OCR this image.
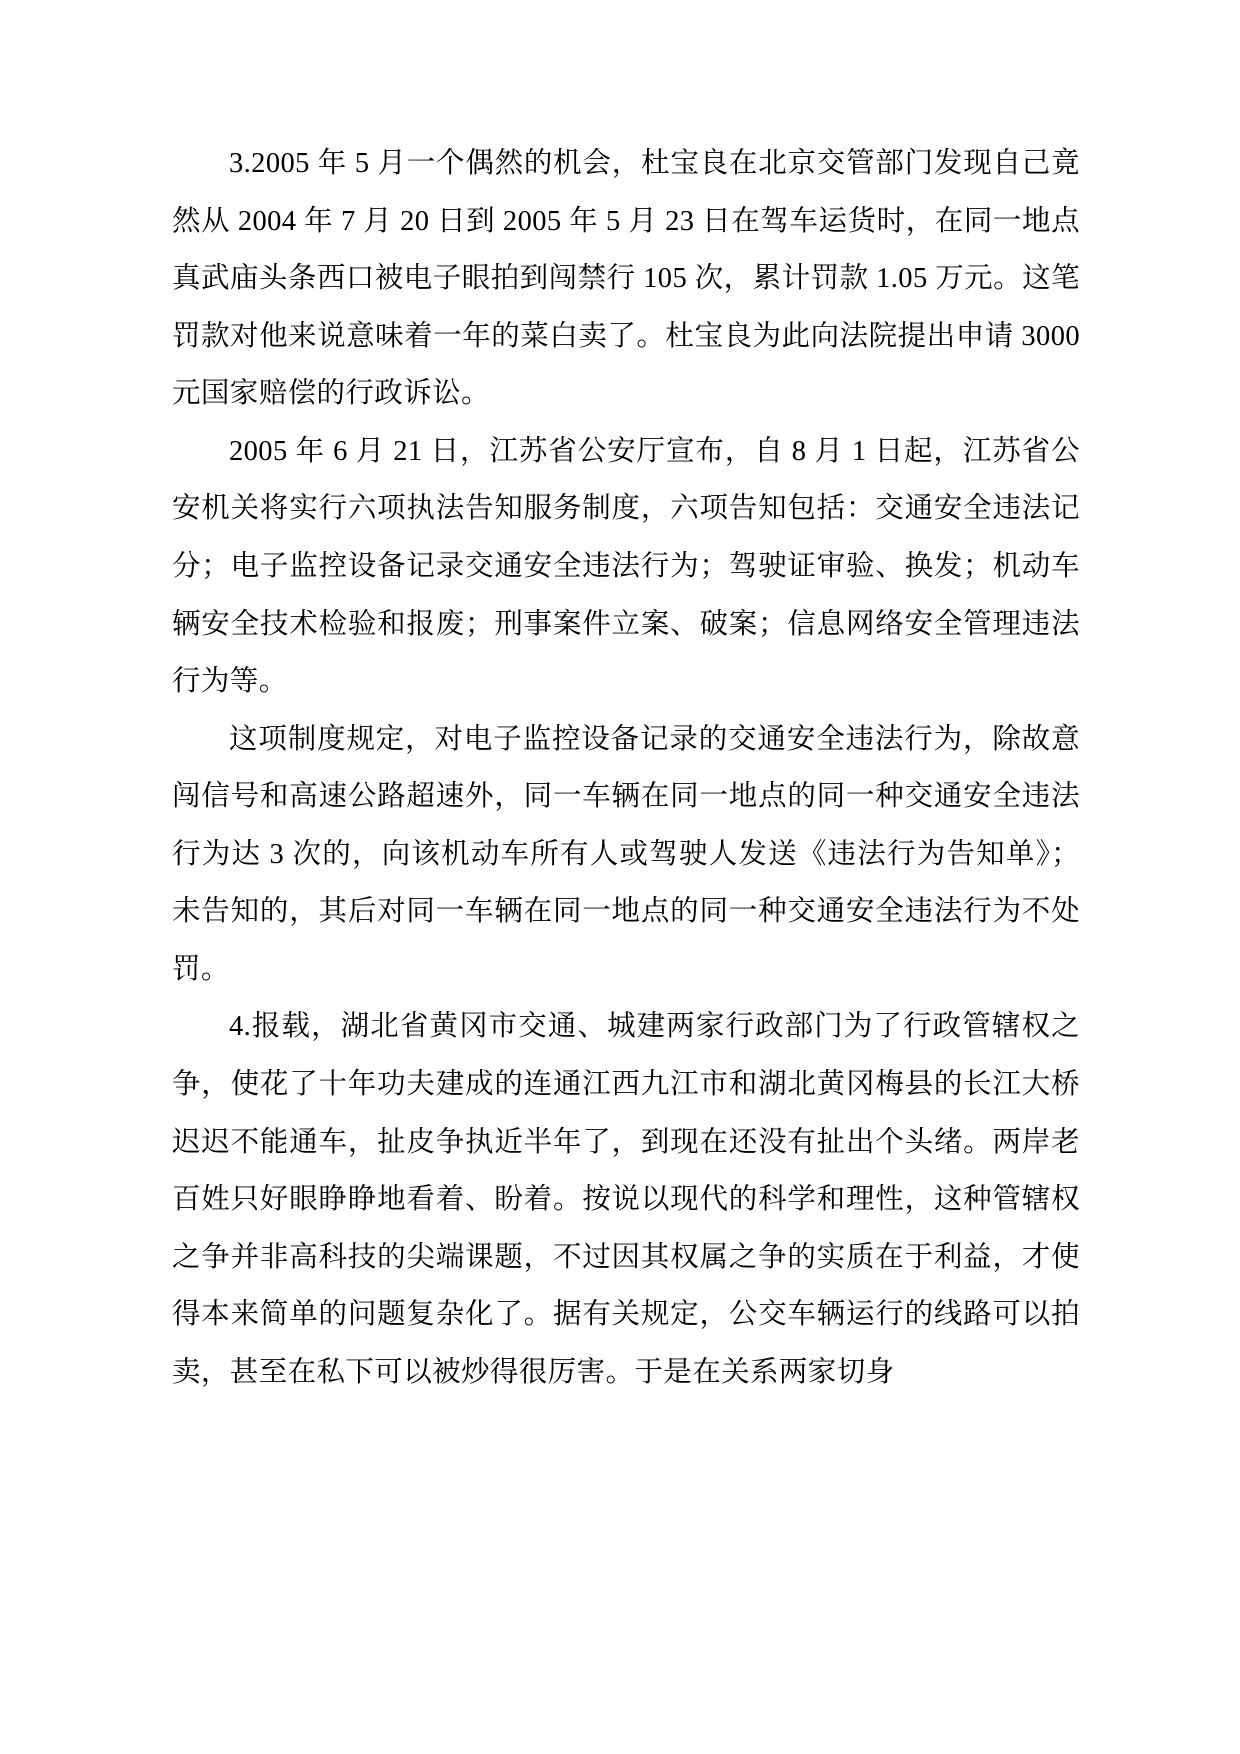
3.2005 年 5 月一个偶然的机会，杜宝良在北京交管部门发现自己竟然从 2004 年 7 月 20 日到 2005 年 5 月 23 日在驾车运货时，在同一地点真武庙头条西口被电子眼拍到闯禁行 105 次，累计罚款 1.05 万元。这笔罚款对他来说意味着一年的菜白卖了。杜宝良为此向法院提出申请 3000 元国家赔偿的行政诉讼。

2005 年 6 月 21 日，江苏省公安厅宣布，自 8 月 1 日起，江苏省公安机关将实行六项执法告知服务制度，六项告知包括：交通安全违法记分；电子监控设备记录交通安全违法行为；驾驶证审验、换发；机动车辆安全技术检验和报废；刑事案件立案、破案；信息网络安全管理违法行为等。

这项制度规定，对电子监控设备记录的交通安全违法行为，除故意闯信号和高速公路超速外，同一车辆在同一地点的同一种交通安全违法行为达 3 次的，向该机动车所有人或驾驶人发送《违法行为告知单》；未告知的，其后对同一车辆在同一地点的同一种交通安全违法行为不处罚。

4.报载，湖北省黄冈市交通、城建两家行政部门为了行政管辖权之争，使花了十年功夫建成的连通江西九江市和湖北黄冈梅县的长江大桥迟迟不能通车，扯皮争执近半年了，到现在还没有扯出个头绪。两岸老百姓只好眼睁睁地看着、盼着。按说以现代的科学和理性，这种管辖权之争并非高科技的尖端课题，不过因其权属之争的实质在于利益，才使得本来简单的问题复杂化了。据有关规定，公交车辆运行的线路可以拍卖，甚至在私下可以被炒得很厉害。于是在关系两家切身
